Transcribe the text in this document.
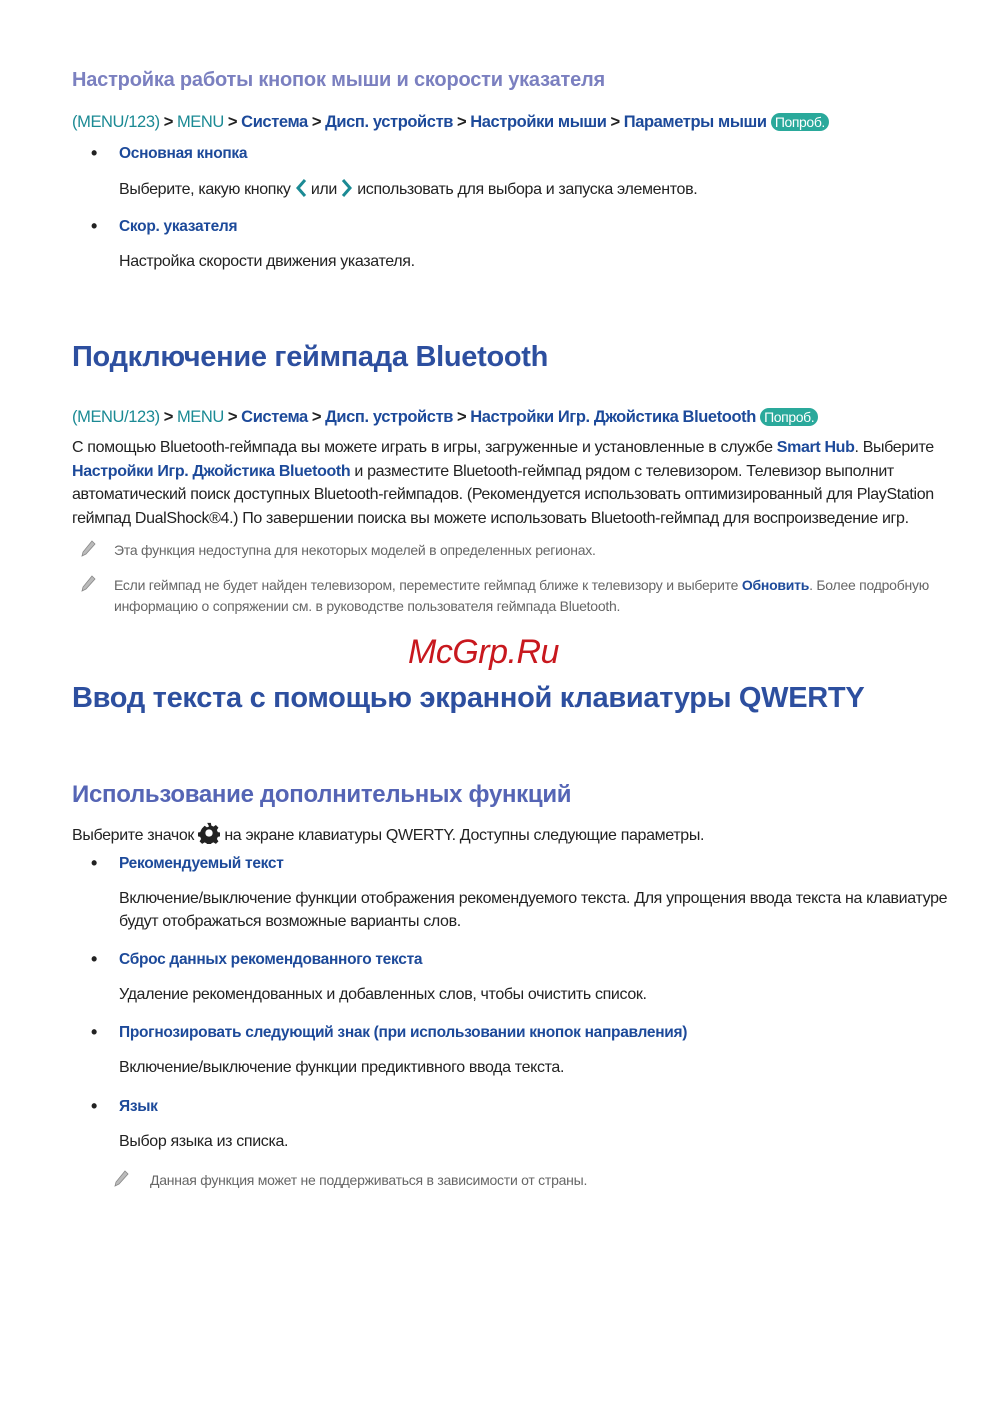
Настройка работы кнопок мыши и скорости указателя
(MENU/123) > MENU > Система > Дисп. устройств > Настройки мыши > Параметры мыши Попроб.
• Основная кнопка
Выберите, какую кнопку или использовать для выбора и запуска элементов.
• Скор. указателя
Настройка скорости движения указателя.
Подключение геймпада Bluetooth
(MENU/123) > MENU > Система > Дисп. устройств > Настройки Игр. Джойстика Bluetooth Попроб.
С помощью Bluetooth-геймпада вы можете играть в игры, загруженные и установленные в службе Smart Hub. Выберите Настройки Игр. Джойстика Bluetooth и разместите Bluetooth-геймпад рядом с телевизором. Телевизор выполнит автоматический поиск доступных Bluetooth-геймпадов. (Рекомендуется использовать оптимизированный для PlayStation геймпад DualShock®4.) По завершении поиска вы можете использовать Bluetooth-геймпад для воспроизведение игр.
Эта функция недоступна для некоторых моделей в определенных регионах.
Если геймпад не будет найден телевизором, переместите геймпад ближе к телевизору и выберите Обновить. Более подробную информацию о сопряжении см. в руководстве пользователя геймпада Bluetooth.
McGrp.Ru
Ввод текста с помощью экранной клавиатуры QWERTY
Использование дополнительных функций
Выберите значок на экране клавиатуры QWERTY. Доступны следующие параметры.
• Рекомендуемый текст
Включение/выключение функции отображения рекомендуемого текста. Для упрощения ввода текста на клавиатуре будут отображаться возможные варианты слов.
• Сброс данных рекомендованного текста
Удаление рекомендованных и добавленных слов, чтобы очистить список.
• Прогнозировать следующий знак (при использовании кнопок направления)
Включение/выключение функции предиктивного ввода текста.
• Язык
Выбор языка из списка.
Данная функция может не поддерживаться в зависимости от страны.
